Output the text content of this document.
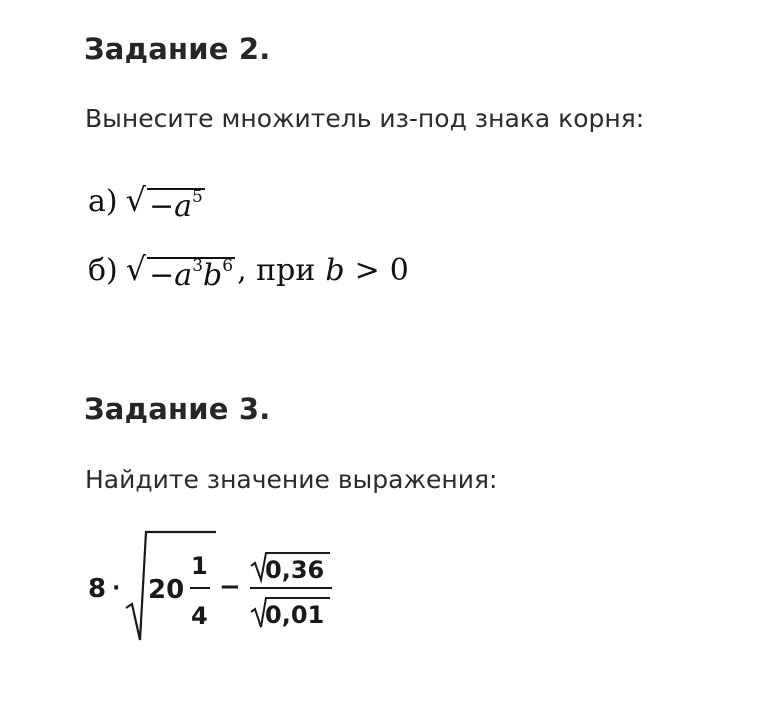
Задание 2.

Вынесите множитель из-под знака корня:

а) √ $-a^5$
б) √ $-a^3b^6$ , при b > 0
Задание 3.

Найдите значение выражения:

8 · 20
1
4
−
0,36
0,01
